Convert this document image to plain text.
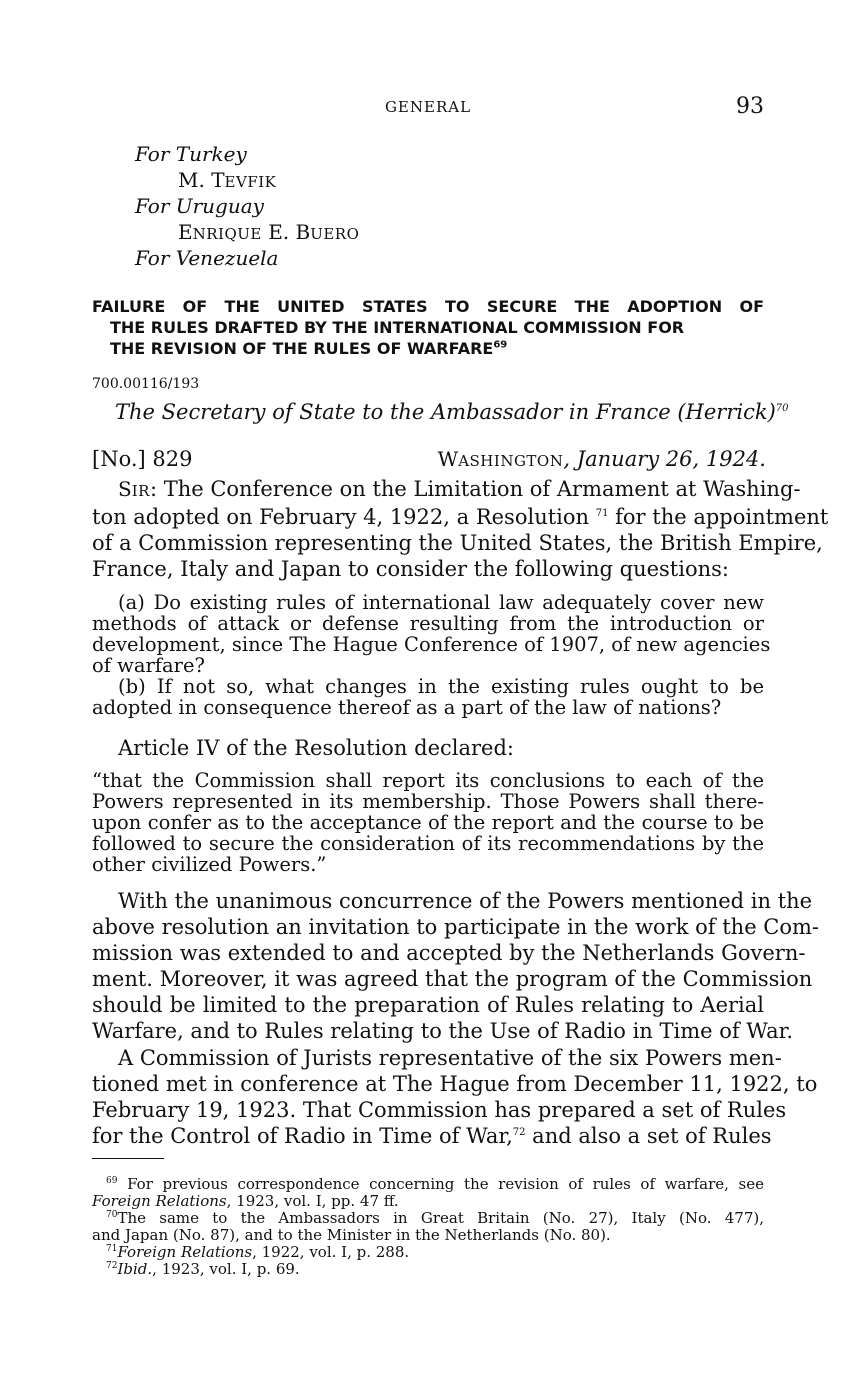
GENERAL	93
For Turkey
M. TEVFIK
For Uruguay
ENRIQUE E. BUERO
For Venezuela
FAILURE OF THE UNITED STATES TO SECURE THE ADOPTION OF
THE RULES DRAFTED BY THE INTERNATIONAL COMMISSION FOR
THE REVISION OF THE RULES OF WARFARE$^{69}$
700.00116/193
The Secretary of State to the Ambassador in France (Herrick)$^{70}$
[No.] 829	WASHINGTON, January 26, 1924.
SIR: The Conference on the Limitation of Armament at Washing-
ton adopted on February 4, 1922, a Resolution $^{71}$ for the appointment
of a Commission representing the United States, the British Empire,
France, Italy and Japan to consider the following questions:
(a) Do existing rules of international law adequately cover new
methods of attack or defense resulting from the introduction or
development, since The Hague Conference of 1907, of new agencies
of warfare?
(b) If not so, what changes in the existing rules ought to be
adopted in consequence thereof as a part of the law of nations?
Article IV of the Resolution declared:
“that the Commission shall report its conclusions to each of the
Powers represented in its membership. Those Powers shall there-
upon confer as to the acceptance of the report and the course to be
followed to secure the consideration of its recommendations by the
other civilized Powers.”
With the unanimous concurrence of the Powers mentioned in the
above resolution an invitation to participate in the work of the Com-
mission was extended to and accepted by the Netherlands Govern-
ment. Moreover, it was agreed that the program of the Commission
should be limited to the preparation of Rules relating to Aerial
Warfare, and to Rules relating to the Use of Radio in Time of War.
A Commission of Jurists representative of the six Powers men-
tioned met in conference at The Hague from December 11, 1922, to
February 19, 1923. That Commission has prepared a set of Rules
for the Control of Radio in Time of War,$^{72}$ and also a set of Rules
$^{69}$ For previous correspondence concerning the revision of rules of warfare, see
Foreign Relations, 1923, vol. I, pp. 47 ff.
$^{70}$The same to the Ambassadors in Great Britain (No. 27), Italy (No. 477),
and Japan (No. 87), and to the Minister in the Netherlands (No. 80).
$^{71}$Foreign Relations, 1922, vol. I, p. 288.
$^{72}$Ibid., 1923, vol. I, p. 69.
